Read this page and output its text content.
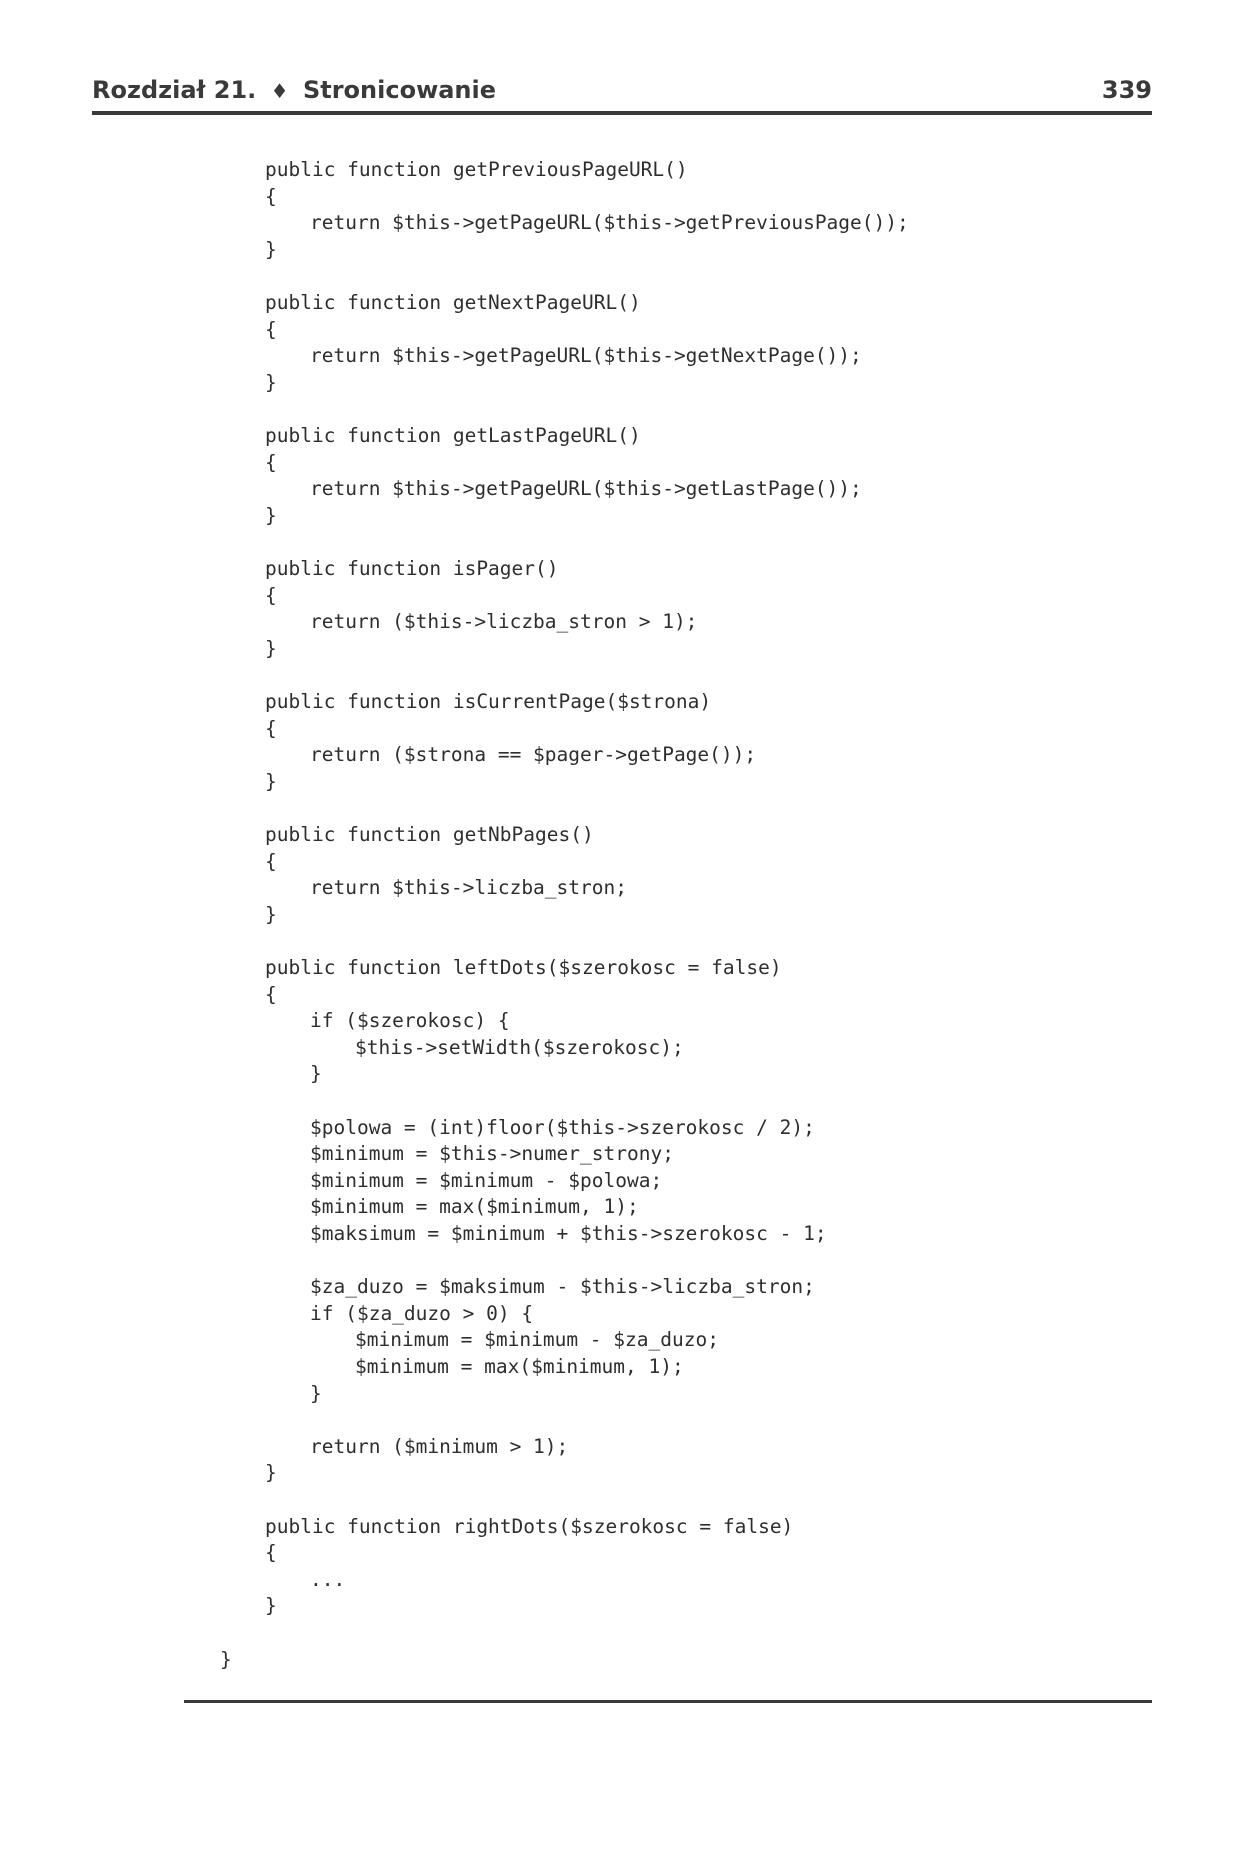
Rozdział 21. ♦ Stronicowanie	339
public function getPreviousPageURL()
{
return $this->getPageURL($this->getPreviousPage());
}
public function getNextPageURL()
{
return $this->getPageURL($this->getNextPage());
}
public function getLastPageURL()
{
return $this->getPageURL($this->getLastPage());
}
public function isPager()
{
return ($this->liczba_stron > 1);
}
public function isCurrentPage($strona)
{
return ($strona == $pager->getPage());
}
public function getNbPages()
{
return $this->liczba_stron;
}
public function leftDots($szerokosc = false)
{
if ($szerokosc) {
$this->setWidth($szerokosc);
}
$polowa = (int)floor($this->szerokosc / 2);
$minimum = $this->numer_strony;
$minimum = $minimum - $polowa;
$minimum = max($minimum, 1);
$maksimum = $minimum + $this->szerokosc - 1;
$za_duzo = $maksimum - $this->liczba_stron;
if ($za_duzo > 0) {
$minimum = $minimum - $za_duzo;
$minimum = max($minimum, 1);
}
return ($minimum > 1);
}
public function rightDots($szerokosc = false)
{
...
}
}
